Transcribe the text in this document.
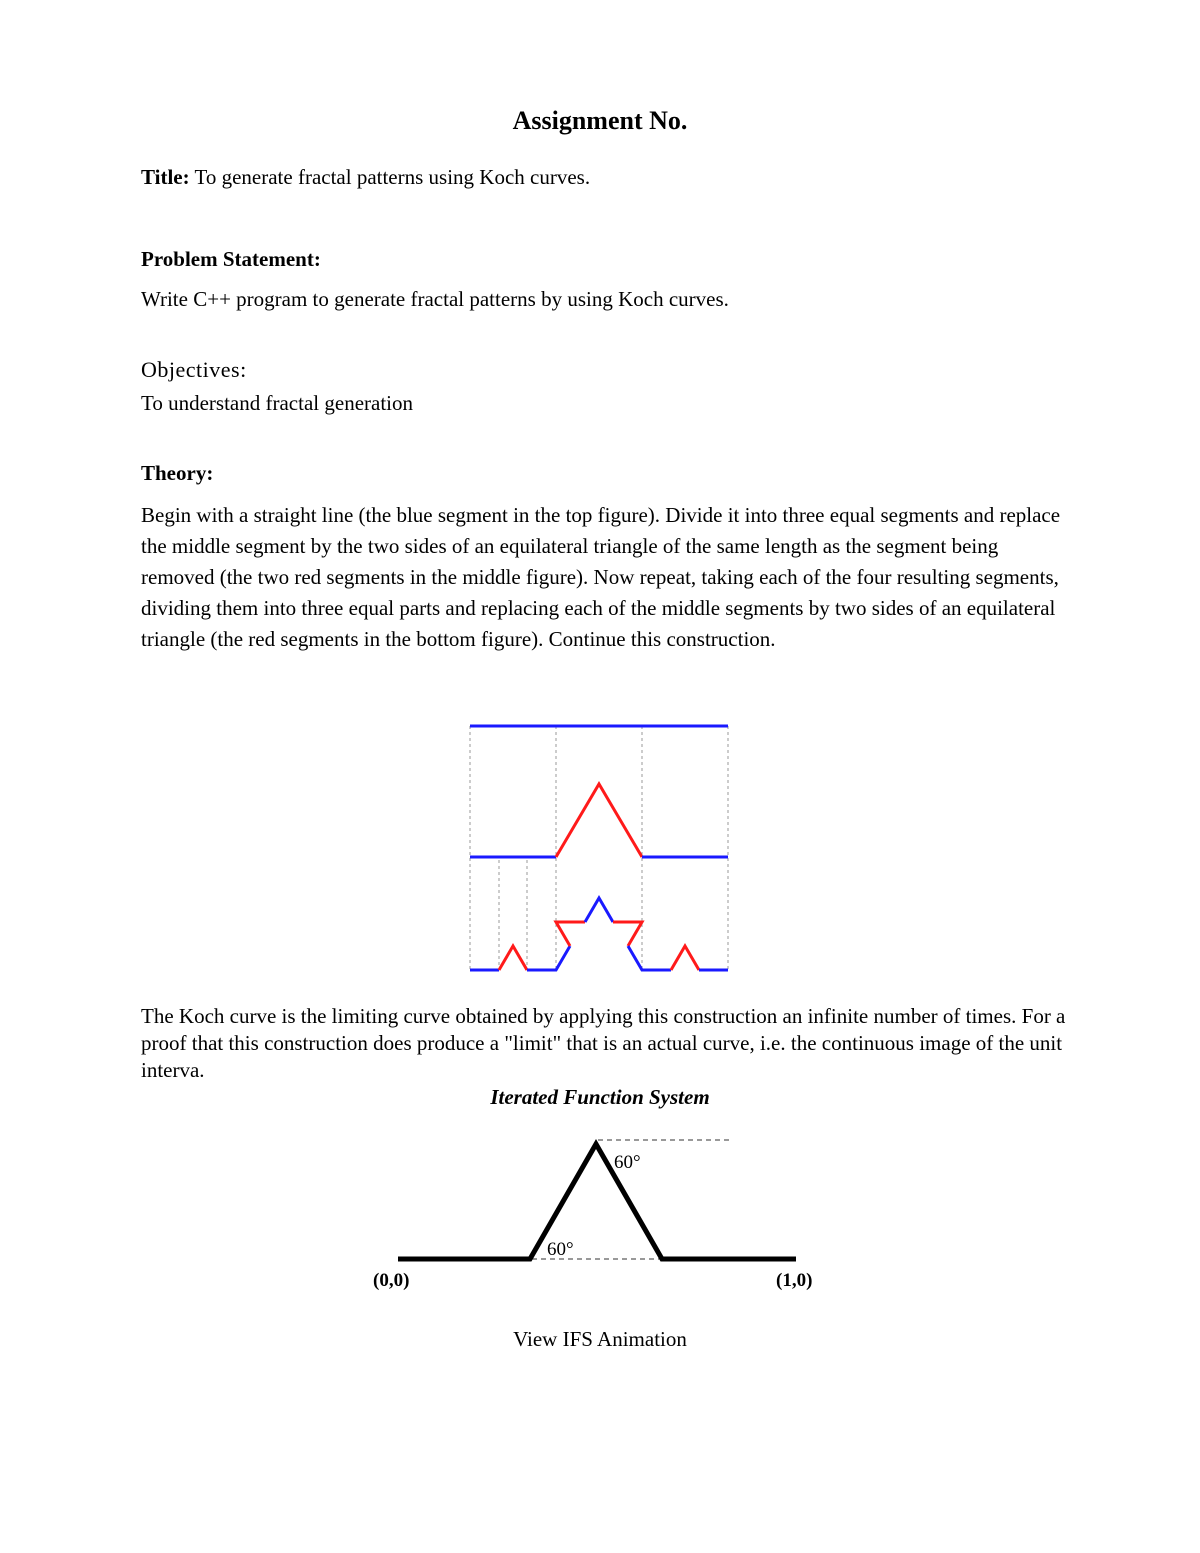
Assignment No.
Title: To generate fractal patterns using Koch curves.
Problem Statement:
Write C++ program to generate fractal patterns by using Koch curves.
Objectives:
To understand fractal generation
Theory:
Begin with a straight line (the blue segment in the top figure). Divide it into three equal segments and replace the middle segment by the two sides of an equilateral triangle of the same length as the segment being removed (the two red segments in the middle figure). Now repeat, taking each of the four resulting segments, dividing them into three equal parts and replacing each of the middle segments by two sides of an equilateral triangle (the red segments in the bottom figure). Continue this construction.
The Koch curve is the limiting curve obtained by applying this construction an infinite number of times. For a proof that this construction does produce a "limit" that is an actual curve, i.e. the continuous image of the unit interva.
Iterated Function System
60°
60°
(0,0)	(1,0)
View IFS Animation
